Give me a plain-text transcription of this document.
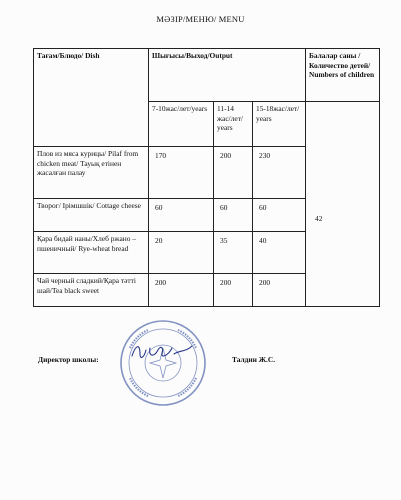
МӘЗІР/МЕНЮ/ MENU
Тағам/Блюдо/ Dish	Шығысы/Выход/Output			Балалар саны /Количество детей/ Numbers of children
	7-10жас/лет/years	11-14 жас/лет/ years	15-18жас/лет/ years	42

Плов из мяса курицы/ Pilaf from chicken meat/ Тауық етінен жасалған палау	170	200	230	
Творог/ Ірімшшік/ Cottage cheese	60	60	60	
Қара бидай наны/Хлеб ржано – пшеничный/ Rye-wheat bread	20	35	40	
Чай черный сладкий/Қара тәтті шай/Tea black sweet	200	200	200	
Директор школы:	Талдин Ж.С.
